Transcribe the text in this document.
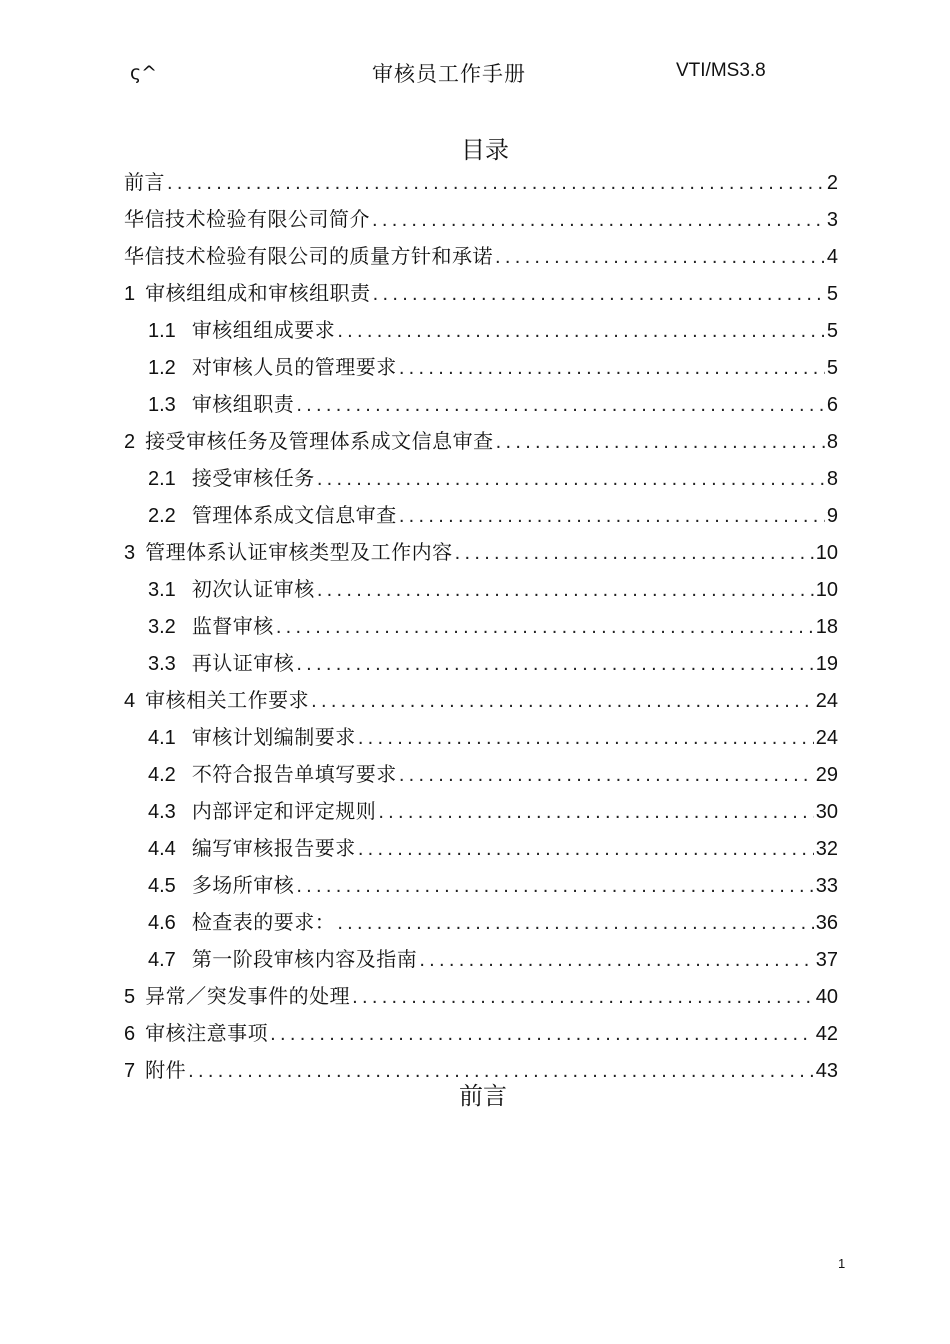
ς^	审核员工作手册	VTI/MS3.8
目录
前言 .....	2
华信技术检验有限公司简介 .....	3
华信技术检验有限公司的质量方针和承诺 .....	4
1 审核组组成和审核组职责 .....	5
1.1 审核组组成要求 .....	5
1.2 对审核人员的管理要求 .....	5
1.3 审核组职责 .....	6
2 接受审核任务及管理体系成文信息审查 .....	8
2.1 接受审核任务 .....	8
2.2 管理体系成文信息审查 .....	9
3 管理体系认证审核类型及工作内容 .....	10
3.1 初次认证审核 .....	10
3.2 监督审核 .....	18
3.3 再认证审核 .....	19
4 审核相关工作要求 .....	24
4.1 审核计划编制要求 .....	24
4.2 不符合报告单填写要求 .....	29
4.3 内部评定和评定规则 .....	30
4.4 编写审核报告要求 .....	32
4.5 多场所审核 .....	33
4.6 检查表的要求： .....	36
4.7 第一阶段审核内容及指南 .....	37
5 异常／突发事件的处理 .....	40
6 审核注意事项 .....	42
7 附件 .....	43
前言
1
